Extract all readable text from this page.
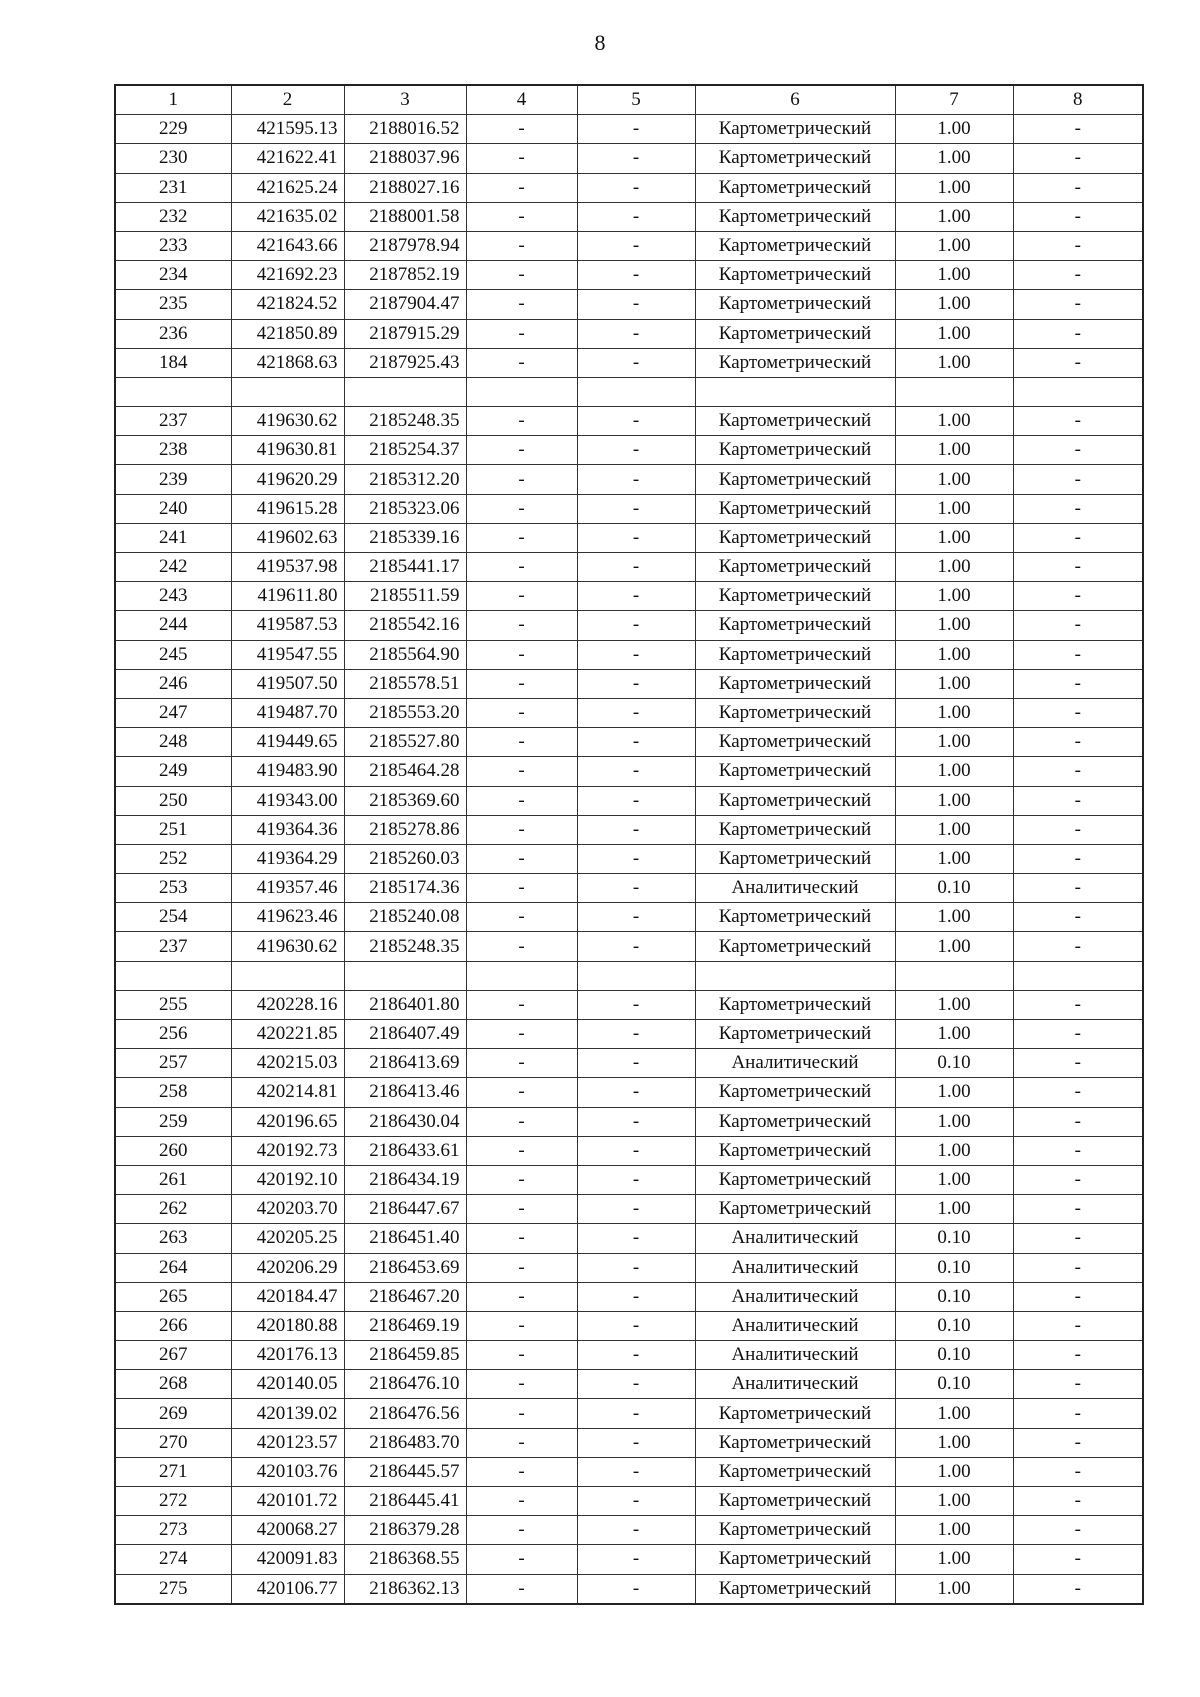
8
1	2	3	4	5	6	7	8
229	421595.13	2188016.52	-	-	Картометрический	1.00	-
230	421622.41	2188037.96	-	-	Картометрический	1.00	-
231	421625.24	2188027.16	-	-	Картометрический	1.00	-
232	421635.02	2188001.58	-	-	Картометрический	1.00	-
233	421643.66	2187978.94	-	-	Картометрический	1.00	-
234	421692.23	2187852.19	-	-	Картометрический	1.00	-
235	421824.52	2187904.47	-	-	Картометрический	1.00	-
236	421850.89	2187915.29	-	-	Картометрический	1.00	-
184	421868.63	2187925.43	-	-	Картометрический	1.00	-

237	419630.62	2185248.35	-	-	Картометрический	1.00	-
238	419630.81	2185254.37	-	-	Картометрический	1.00	-
239	419620.29	2185312.20	-	-	Картометрический	1.00	-
240	419615.28	2185323.06	-	-	Картометрический	1.00	-
241	419602.63	2185339.16	-	-	Картометрический	1.00	-
242	419537.98	2185441.17	-	-	Картометрический	1.00	-
243	419611.80	2185511.59	-	-	Картометрический	1.00	-
244	419587.53	2185542.16	-	-	Картометрический	1.00	-
245	419547.55	2185564.90	-	-	Картометрический	1.00	-
246	419507.50	2185578.51	-	-	Картометрический	1.00	-
247	419487.70	2185553.20	-	-	Картометрический	1.00	-
248	419449.65	2185527.80	-	-	Картометрический	1.00	-
249	419483.90	2185464.28	-	-	Картометрический	1.00	-
250	419343.00	2185369.60	-	-	Картометрический	1.00	-
251	419364.36	2185278.86	-	-	Картометрический	1.00	-
252	419364.29	2185260.03	-	-	Картометрический	1.00	-
253	419357.46	2185174.36	-	-	Аналитический	0.10	-
254	419623.46	2185240.08	-	-	Картометрический	1.00	-
237	419630.62	2185248.35	-	-	Картометрический	1.00	-

255	420228.16	2186401.80	-	-	Картометрический	1.00	-
256	420221.85	2186407.49	-	-	Картометрический	1.00	-
257	420215.03	2186413.69	-	-	Аналитический	0.10	-
258	420214.81	2186413.46	-	-	Картометрический	1.00	-
259	420196.65	2186430.04	-	-	Картометрический	1.00	-
260	420192.73	2186433.61	-	-	Картометрический	1.00	-
261	420192.10	2186434.19	-	-	Картометрический	1.00	-
262	420203.70	2186447.67	-	-	Картометрический	1.00	-
263	420205.25	2186451.40	-	-	Аналитический	0.10	-
264	420206.29	2186453.69	-	-	Аналитический	0.10	-
265	420184.47	2186467.20	-	-	Аналитический	0.10	-
266	420180.88	2186469.19	-	-	Аналитический	0.10	-
267	420176.13	2186459.85	-	-	Аналитический	0.10	-
268	420140.05	2186476.10	-	-	Аналитический	0.10	-
269	420139.02	2186476.56	-	-	Картометрический	1.00	-
270	420123.57	2186483.70	-	-	Картометрический	1.00	-
271	420103.76	2186445.57	-	-	Картометрический	1.00	-
272	420101.72	2186445.41	-	-	Картометрический	1.00	-
273	420068.27	2186379.28	-	-	Картометрический	1.00	-
274	420091.83	2186368.55	-	-	Картометрический	1.00	-
275	420106.77	2186362.13	-	-	Картометрический	1.00	-
